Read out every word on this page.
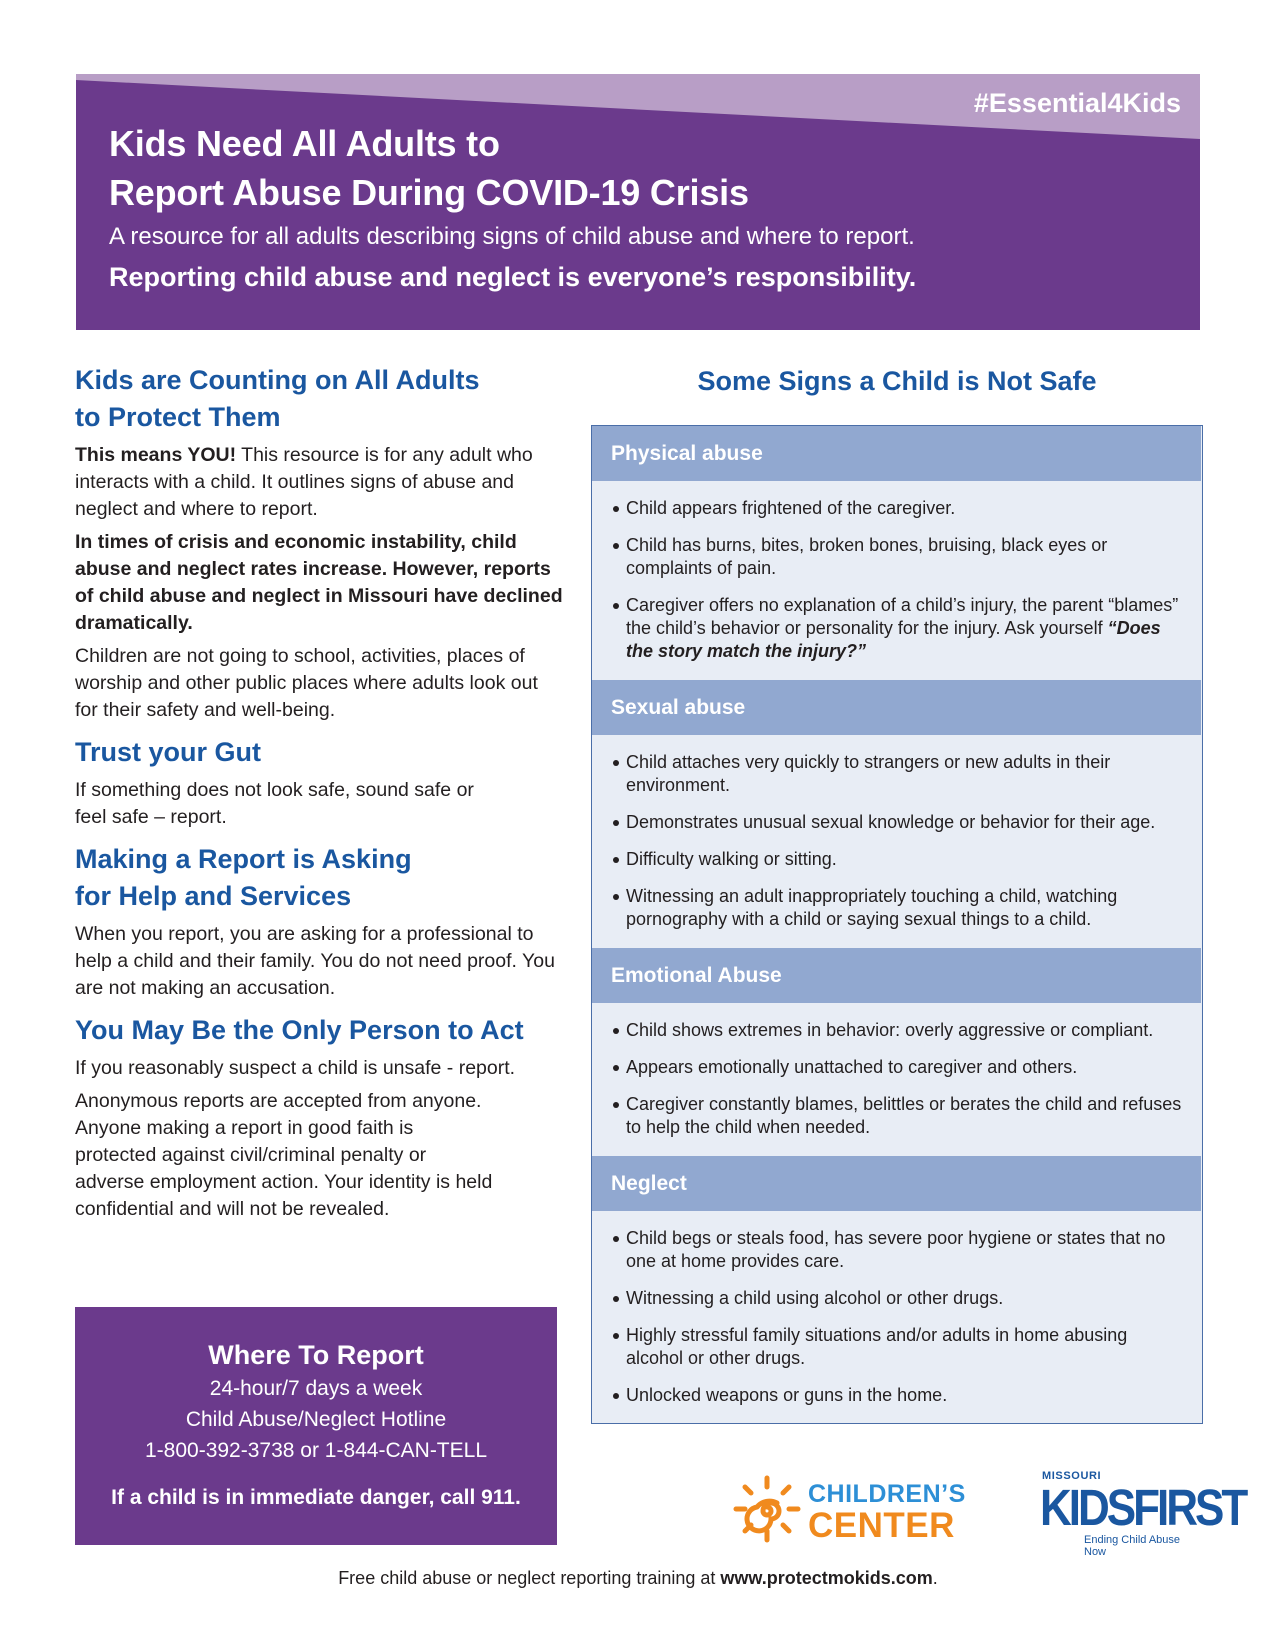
#Essential4Kids
Kids Need All Adults to
Report Abuse During COVID-19 Crisis
A resource for all adults describing signs of child abuse and where to report.
Reporting child abuse and neglect is everyone’s responsibility.
Kids are Counting on All Adults
to Protect Them

This means YOU! This resource is for any adult who interacts with a child. It outlines signs of abuse and neglect and where to report.

In times of crisis and economic instability, child abuse and neglect rates increase. However, reports of child abuse and neglect in Missouri have declined dramatically.

Children are not going to school, activities, places of worship and other public places where adults look out for their safety and well-being.

Trust your Gut

If something does not look safe, sound safe or
feel safe – report.

Making a Report is Asking
for Help and Services

When you report, you are asking for a professional to help a child and their family. You do not need proof. You are not making an accusation.

You May Be the Only Person to Act

If you reasonably suspect a child is unsafe - report.

Anonymous reports are accepted from anyone.
Anyone making a report in good faith is
protected against civil/criminal penalty or
adverse employment action. Your identity is held
confidential and will not be revealed.

Where To Report
24-hour/7 days a week
Child Abuse/Neglect Hotline
1-800-392-3738 or 1-844-CAN-TELL
If a child is in immediate danger, call 911.
Some Signs a Child is Not Safe
Physical abuse
Child appears frightened of the caregiver.
Child has burns, bites, broken bones, bruising, black eyes or complaints of pain.
Caregiver offers no explanation of a child’s injury, the parent “blames” the child’s behavior or personality for the injury. Ask yourself “Does the story match the injury?”
Sexual abuse
Child attaches very quickly to strangers or new adults in their environment.
Demonstrates unusual sexual knowledge or behavior for their age.
Difficulty walking or sitting.
Witnessing an adult inappropriately touching a child, watching pornography with a child or saying sexual things to a child.
Emotional Abuse
Child shows extremes in behavior: overly aggressive or compliant.
Appears emotionally unattached to caregiver and others.
Caregiver constantly blames, belittles or berates the child and refuses to help the child when needed.
Neglect
Child begs or steals food, has severe poor hygiene or states that no one at home provides care.
Witnessing a child using alcohol or other drugs.
Highly stressful family situations and/or adults in home abusing alcohol or other drugs.
Unlocked weapons or guns in the home.
CHILDREN’S
CENTER
MISSOURI
KIDSFIRST
Ending Child Abuse Now
Free child abuse or neglect reporting training at www.protectmokids.com.
